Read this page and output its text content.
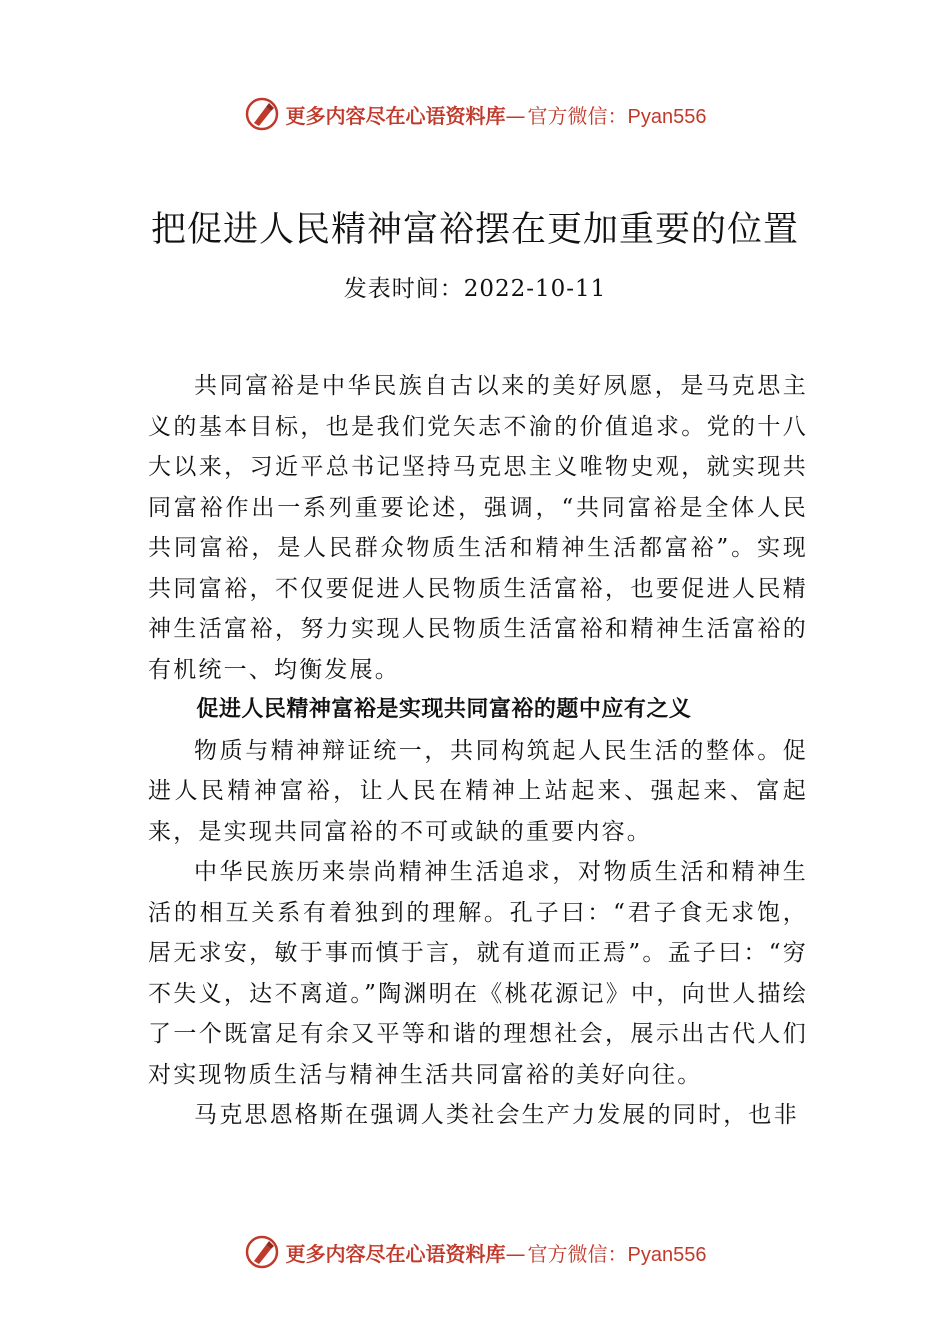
更多内容尽在心语资料库—官方微信：Pyan556
把促进人民精神富裕摆在更加重要的位置
发表时间：2022-10-11

共同富裕是中华民族自古以来的美好夙愿，是马克思主义的基本目标，也是我们党矢志不渝的价值追求。党的十八大以来，习近平总书记坚持马克思主义唯物史观，就实现共同富裕作出一系列重要论述，强调，“共同富裕是全体人民共同富裕，是人民群众物质生活和精神生活都富裕”。实现共同富裕，不仅要促进人民物质生活富裕，也要促进人民精神生活富裕，努力实现人民物质生活富裕和精神生活富裕的有机统一、均衡发展。

促进人民精神富裕是实现共同富裕的题中应有之义

物质与精神辩证统一，共同构筑起人民生活的整体。促进人民精神富裕，让人民在精神上站起来、强起来、富起来，是实现共同富裕的不可或缺的重要内容。

中华民族历来崇尚精神生活追求，对物质生活和精神生活的相互关系有着独到的理解。孔子曰：“君子食无求饱，居无求安，敏于事而慎于言，就有道而正焉”。孟子曰：“穷不失义，达不离道。”陶渊明在《桃花源记》中，向世人描绘了一个既富足有余又平等和谐的理想社会，展示出古代人们对实现物质生活与精神生活共同富裕的美好向往。

马克思恩格斯在强调人类社会生产力发展的同时，也非

更多内容尽在心语资料库—官方微信：Pyan556
